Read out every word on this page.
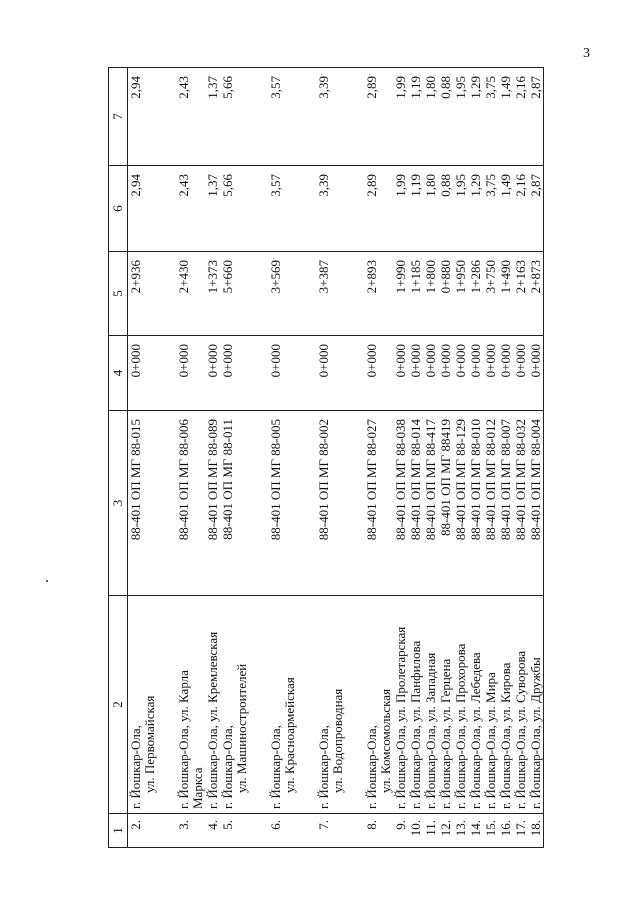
3
1	2	3	4	5	6	7
2.	г. Йошкар-Ола, ул. Первомайская	88-401 ОП МГ 88-015	0+000	2+936	2,94	2,94

3.	г. Йошкар-Ола, ул. Карла Маркса	88-401 ОП МГ 88-006	0+000	2+430	2,43	2,43
4.	г. Йошкар-Ола, ул. Кремлевская	88-401 ОП МГ 88-089	0+000	1+373	1,37	1,37
5.	г. Йошкар-Ола, ул. Машиностроителей	88-401 ОП МГ 88-011	0+000	5+660	5,66	5,66

6.	г. Йошкар-Ола, ул. Красноармейская	88-401 ОП МГ 88-005	0+000	3+569	3,57	3,57

7.	г. Йошкар-Ола, ул. Водопроводная	88-401 ОП МГ 88-002	0+000	3+387	3,39	3,39

8.	г. Йошкар-Ола, ул. Комсомольская	88-401 ОП МГ 88-027	0+000	2+893	2,89	2,89
9.	г. Йошкар-Ола, ул. Пролетарская	88-401 ОП МГ 88-038	0+000	1+990	1,99	1,99
10.	г. Йошкар-Ола, ул. Панфилова	88-401 ОП МГ 88-014	0+000	1+185	1,19	1,19
11.	г. Йошкар-Ола, ул. Западная	88-401 ОП МГ 88-417	0+000	1+800	1,80	1,80
12.	г. Йошкар-Ола, ул. Герцена	88-401 ОП МГ 88419	0+000	0+880	0,88	0,88
13.	г. Йошкар-Ола, ул. Прохорова	88-401 ОП МГ 88-129	0+000	1+950	1,95	1,95
14.	г. Йошкар-Ола, ул. Лебедева	88-401 ОП МГ 88-010	0+000	1+286	1,29	1,29
15.	г. Йошкар-Ола, ул. Мира	88-401 ОП МГ 88-012	0+000	3+750	3,75	3,75
16.	г. Йошкар-Ола, ул. Кирова	88-401 ОП МГ 88-007	0+000	1+490	1,49	1,49
17.	г. Йошкар-Ола, ул. Суворова	88-401 ОП МГ 88-032	0+000	2+163	2,16	2,16
18.	г. Йошкар-Ола, ул. Дружбы	88-401 ОП МГ 88-004	0+000	2+873	2,87	2,87
